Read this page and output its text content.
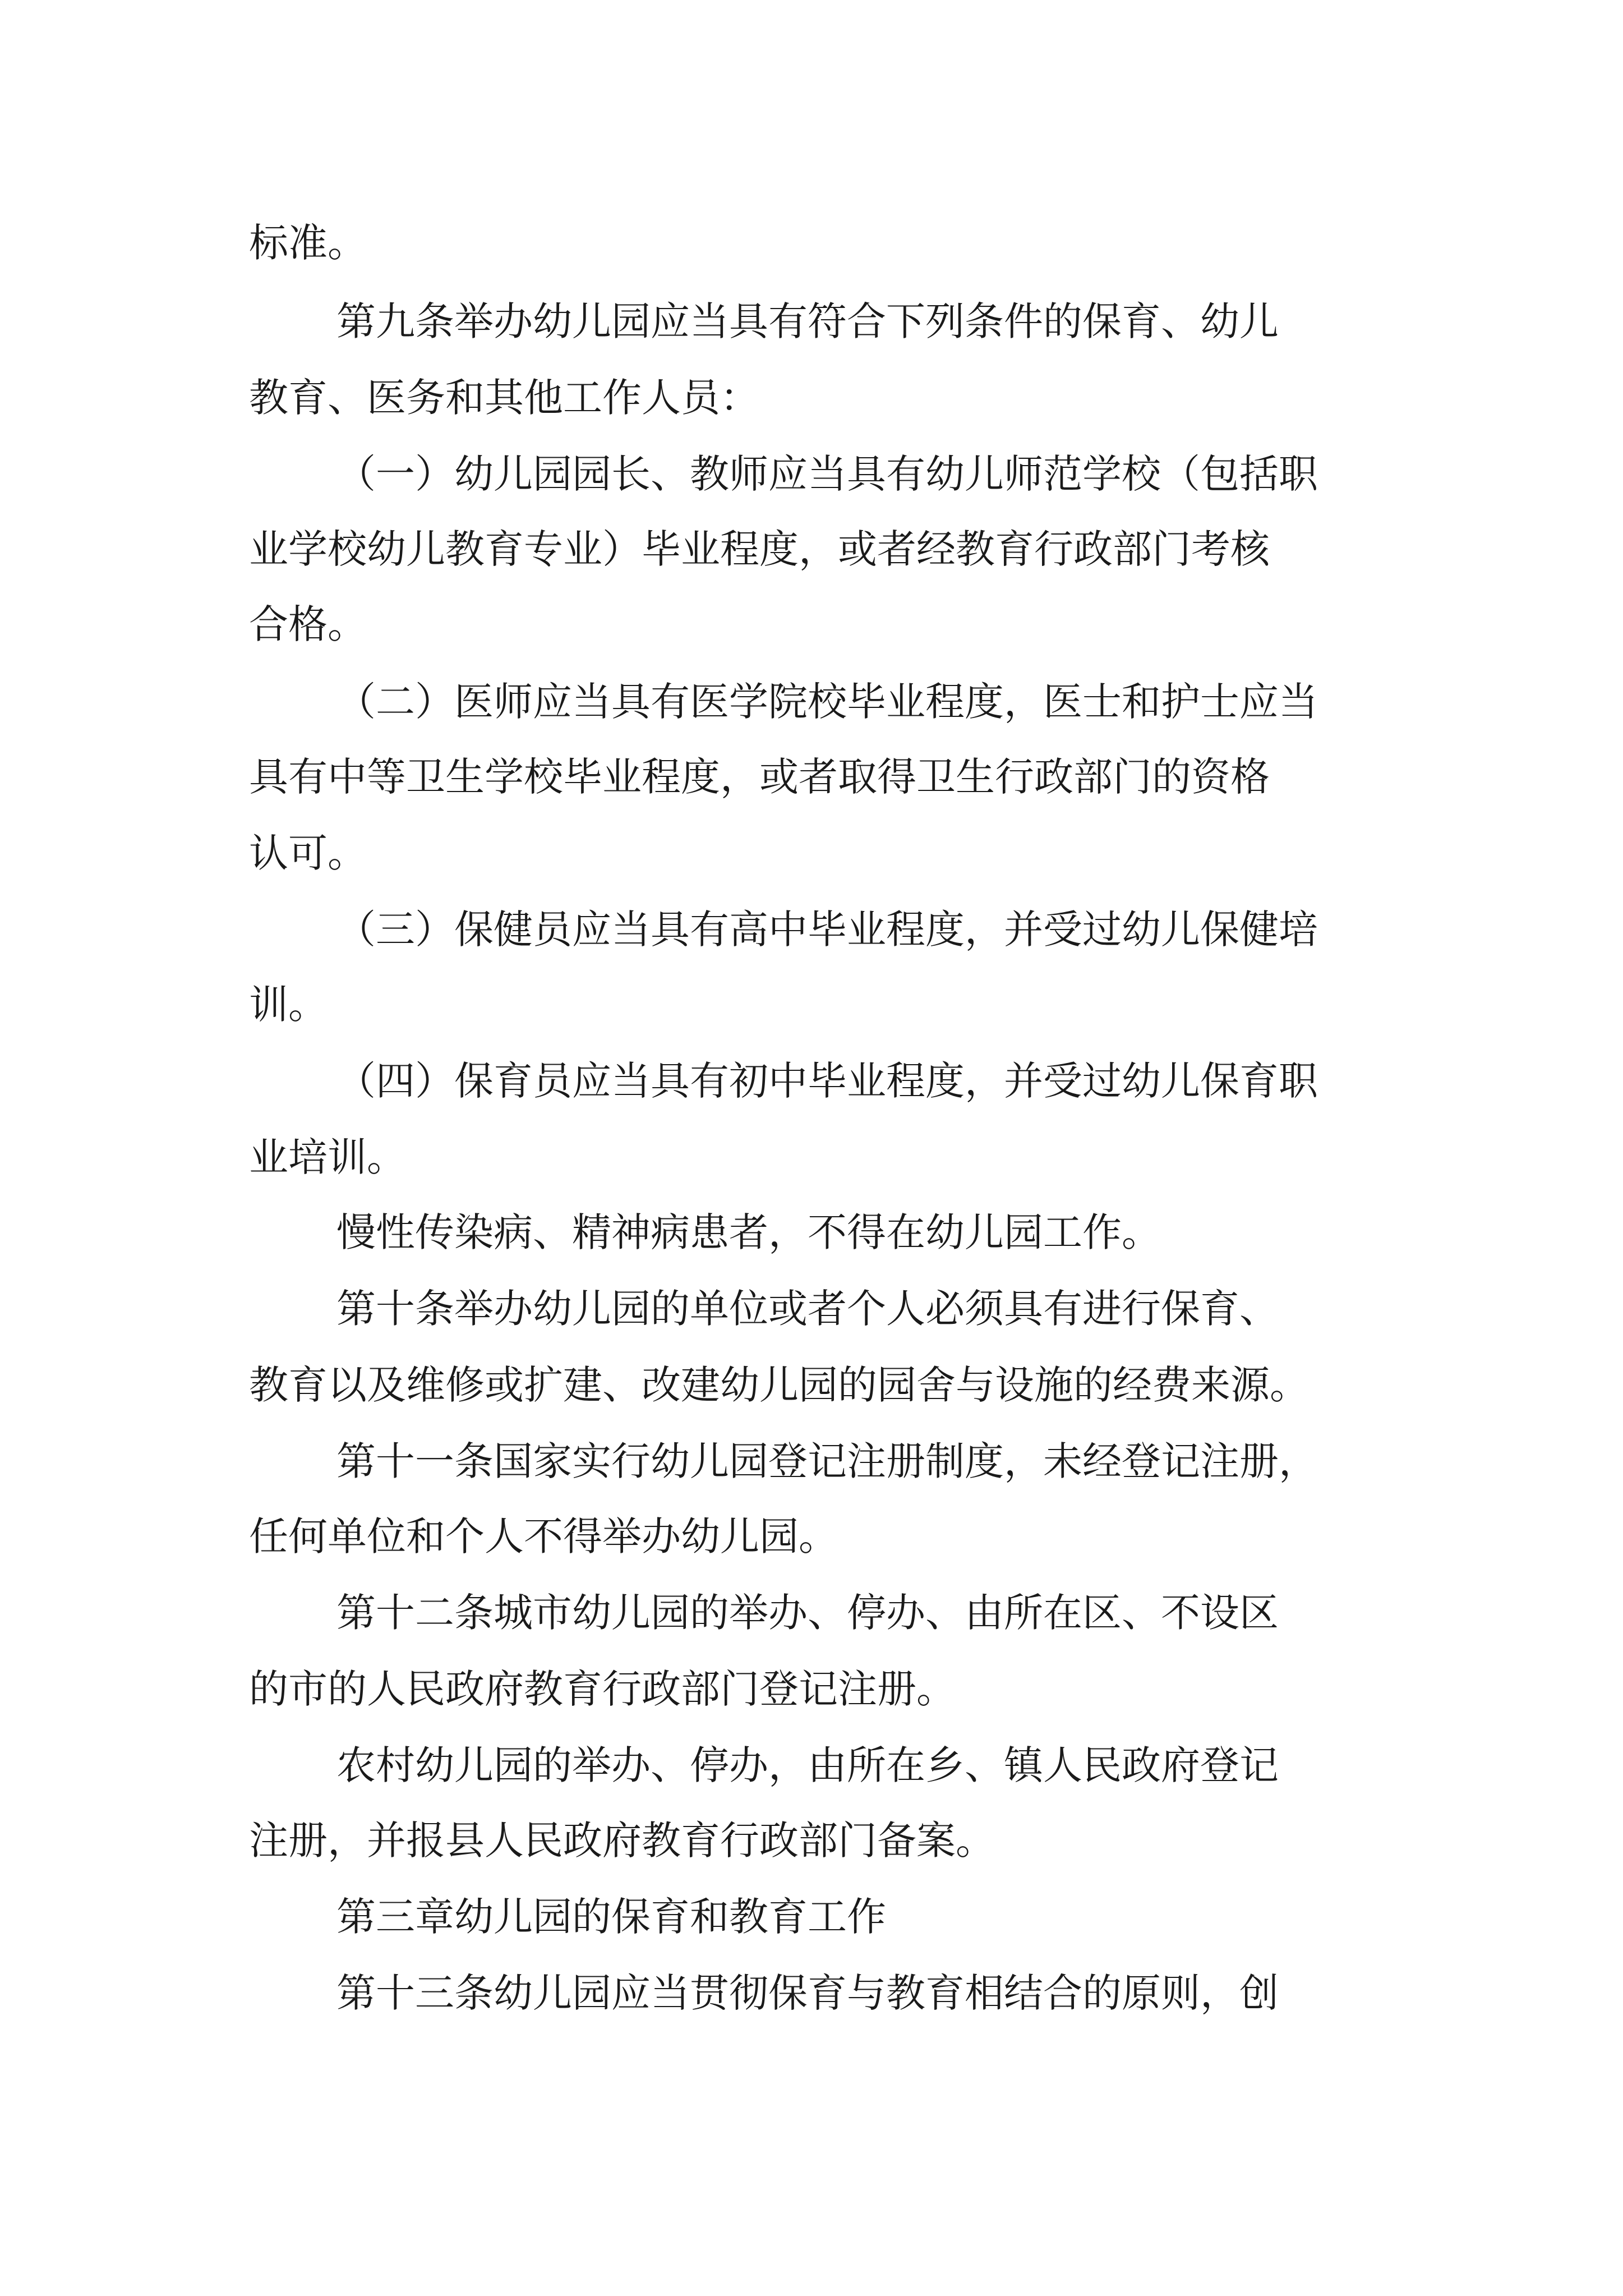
标准。
第九条举办幼儿园应当具有符合下列条件的保育、幼儿
教育、医务和其他工作人员：
（一）幼儿园园长、教师应当具有幼儿师范学校（包括职
业学校幼儿教育专业）毕业程度，或者经教育行政部门考核
合格。
（二）医师应当具有医学院校毕业程度，医士和护士应当
具有中等卫生学校毕业程度，或者取得卫生行政部门的资格
认可。
（三）保健员应当具有高中毕业程度，并受过幼儿保健培
训。
（四）保育员应当具有初中毕业程度，并受过幼儿保育职
业培训。
慢性传染病、精神病患者，不得在幼儿园工作。
第十条举办幼儿园的单位或者个人必须具有进行保育、
教育以及维修或扩建、改建幼儿园的园舍与设施的经费来源。
第十一条国家实行幼儿园登记注册制度，未经登记注册，
任何单位和个人不得举办幼儿园。
第十二条城市幼儿园的举办、停办、由所在区、不设区
的市的人民政府教育行政部门登记注册。
农村幼儿园的举办、停办，由所在乡、镇人民政府登记
注册，并报县人民政府教育行政部门备案。
第三章幼儿园的保育和教育工作
第十三条幼儿园应当贯彻保育与教育相结合的原则，创
